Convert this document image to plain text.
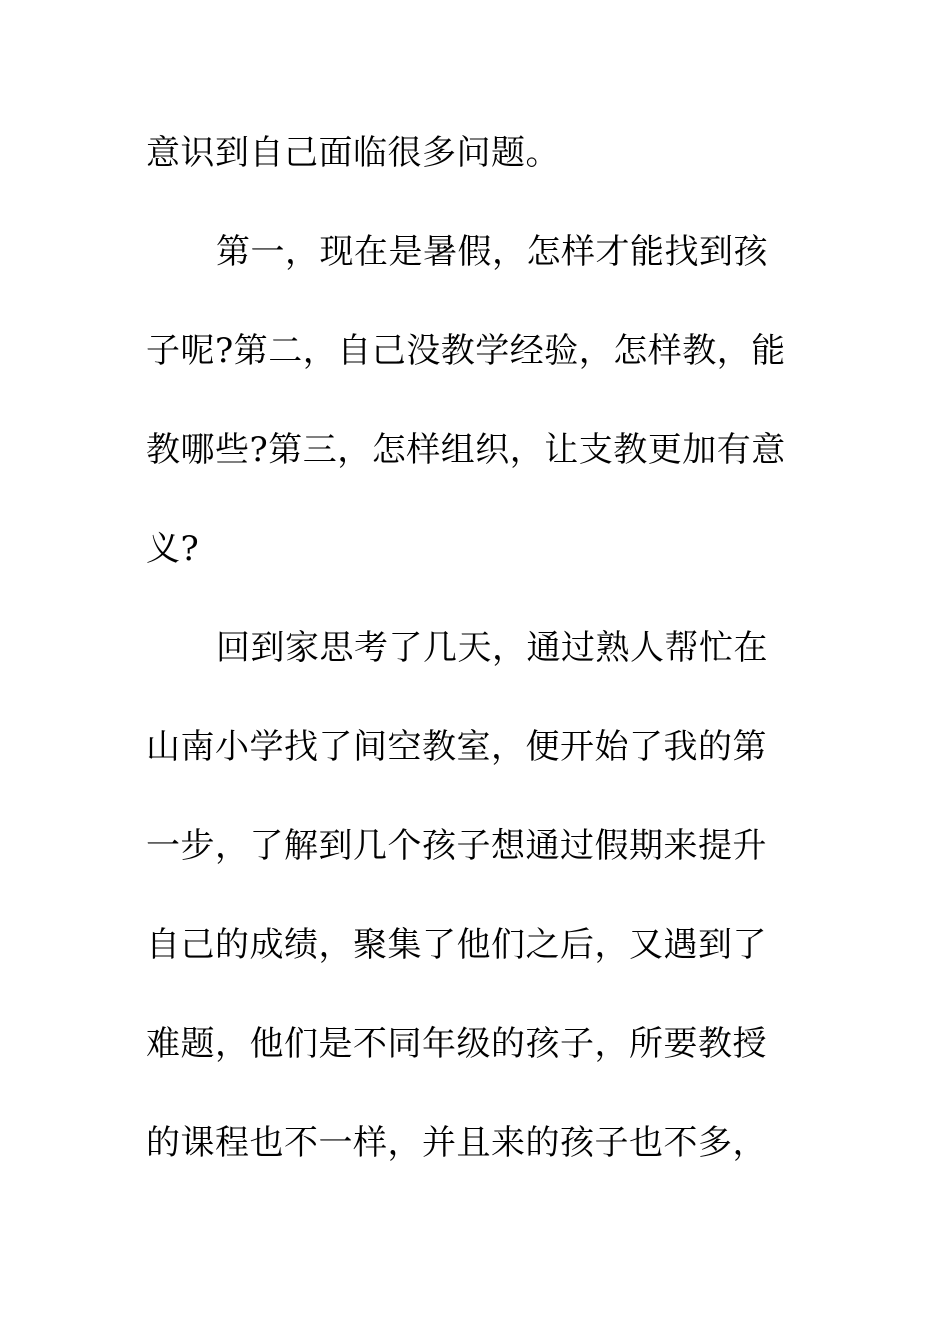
意识到自己面临很多问题。
第一，现在是暑假，怎样才能找到孩
子呢?第二，自己没教学经验，怎样教，能
教哪些?第三，怎样组织，让支教更加有意
义?
回到家思考了几天，通过熟人帮忙在
山南小学找了间空教室，便开始了我的第
一步，了解到几个孩子想通过假期来提升
自己的成绩，聚集了他们之后，又遇到了
难题，他们是不同年级的孩子，所要教授
的课程也不一样，并且来的孩子也不多，
